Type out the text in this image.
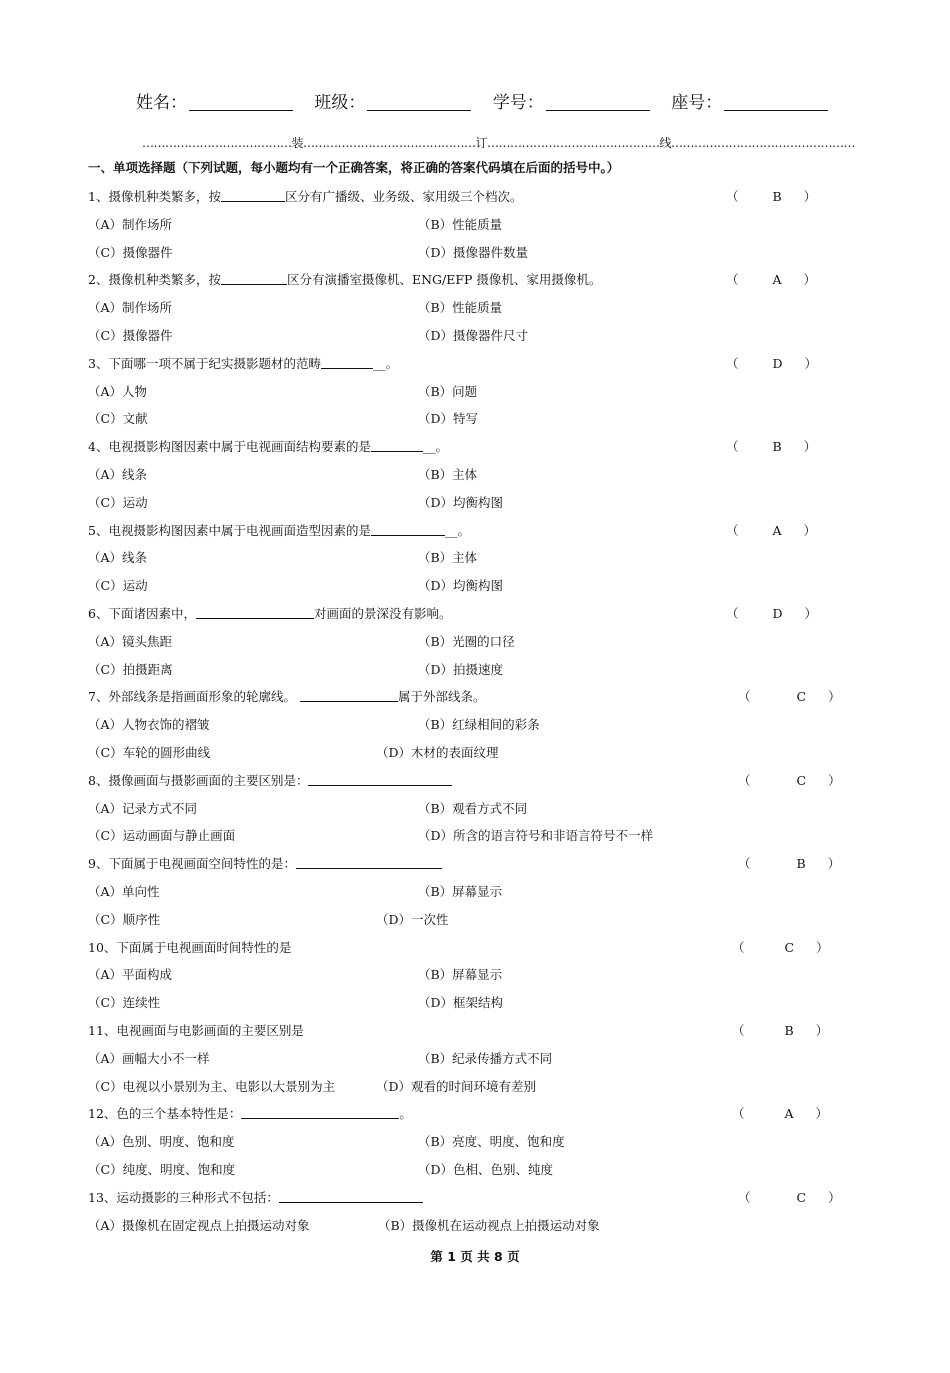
姓名：	班级：	学号：	座号：
…………………………………装………………………………………订………………………………………线…………………………………………
一、单项选择题（下列试题，每小题均有一个正确答案，将正确的答案代码填在后面的括号中。）
1、摄像机种类繁多，按	区分有广播级、业务级、家用级三个档次。	（	B ）
（A）制作场所	（B）性能质量
（C）摄像器件	（D）摄像器件数量
2、摄像机种类繁多，按	区分有演播室摄像机、ENG/EFP 摄像机、家用摄像机。	（	A ）
（A）制作场所	（B）性能质量
（C）摄像器件	（D）摄像器件尺寸
3、下面哪一项不属于纪实摄影题材的范畴	__。	（	D ）
（A）人物	（B）问题
（C）文献	（D）特写
4、电视摄影构图因素中属于电视画面结构要素的是	__。	（	B ）
（A）线条	（B）主体
（C）运动	（D）均衡构图
5、电视摄影构图因素中属于电视画面造型因素的是	__。	（	A ）
（A）线条	（B）主体
（C）运动	（D）均衡构图
6、下面诸因素中，	对画面的景深没有影响。	（	D ）
（A）镜头焦距	（B）光圈的口径
（C）拍摄距离	（D）拍摄速度
7、外部线条是指画面形象的轮廓线。	属于外部线条。	（	C ）
（A）人物衣饰的褶皱	（B）红绿相间的彩条
（C）车轮的圆形曲线	（D）木材的表面纹理
8、摄像画面与摄影画面的主要区别是：	（	C ）
（A）记录方式不同	（B）观看方式不同
（C）运动画面与静止画面	（D）所含的语言符号和非语言符号不一样
9、下面属于电视画面空间特性的是：	（	B ）
（A）单向性	（B）屏幕显示
（C）顺序性	（D）一次性
10、下面属于电视画面时间特性的是	（	C ）
（A）平面构成	（B）屏幕显示
（C）连续性	（D）框架结构
11、电视画面与电影画面的主要区别是	（	B ）
（A）画幅大小不一样	（B）纪录传播方式不同
（C）电视以小景别为主、电影以大景别为主	（D）观看的时间环境有差别
12、色的三个基本特性是：	。	（	A ）
（A）色别、明度、饱和度	（B）亮度、明度、饱和度
（C）纯度、明度、饱和度	（D）色相、色别、纯度
13、运动摄影的三种形式不包括：	（	C ）
（A）摄像机在固定视点上拍摄运动对象	（B）摄像机在运动视点上拍摄运动对象
第 1 页 共 8 页
